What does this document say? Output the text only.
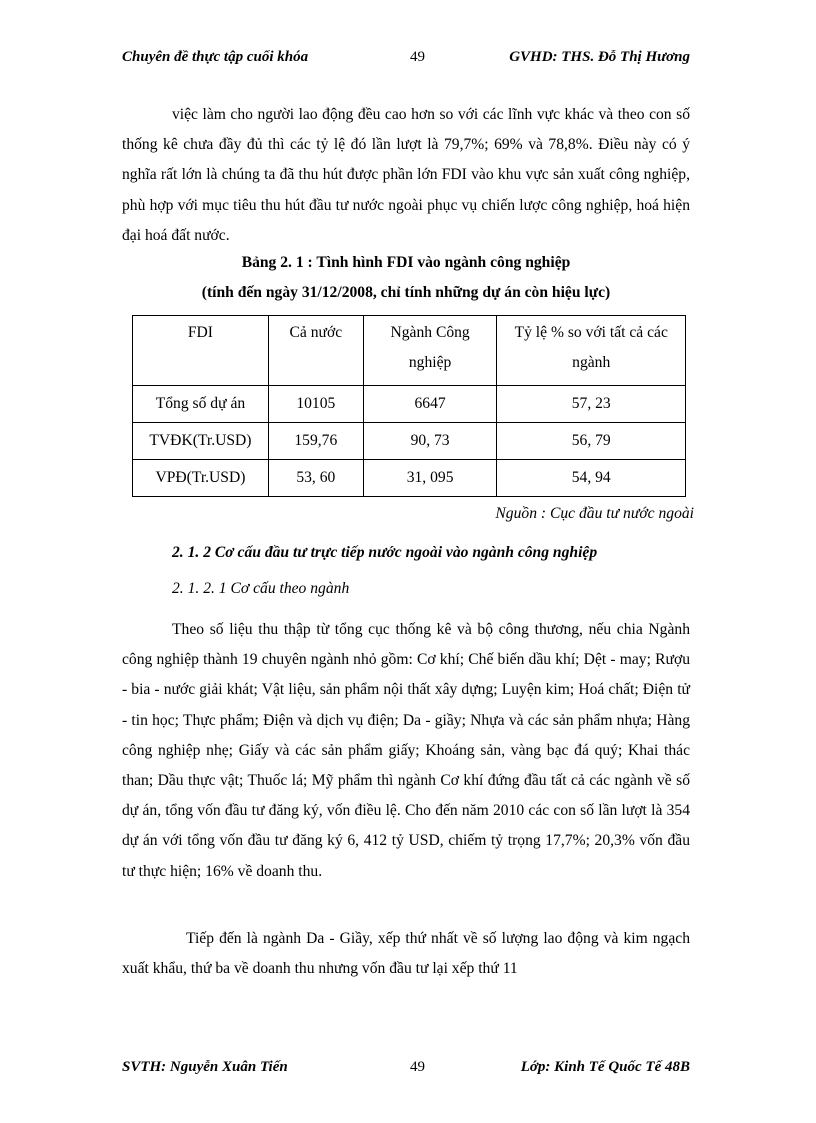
Chuyên đề thực tập cuối khóa	49	GVHD: THS. Đỗ Thị Hương
việc làm cho người lao động đều cao hơn so với các lĩnh vực khác và theo con số thống kê chưa đầy đủ thì các tỷ lệ đó lần lượt là 79,7%; 69% và 78,8%. Điều này có ý nghĩa rất lớn là chúng ta đã thu hút được phần lớn FDI vào khu vực sản xuất công nghiệp, phù hợp với mục tiêu thu hút đầu tư nước ngoài phục vụ chiến lược công nghiệp, hoá hiện đại hoá đất nước.
Bảng 2. 1 : Tình hình FDI vào ngành công nghiệp
(tính đến ngày 31/12/2008, chỉ tính những dự án còn hiệu lực)
FDI	Cả nước	Ngành Công nghiệp	Tỷ lệ % so với tất cả các ngành
Tổng số dự án	10105	6647	57, 23
TVĐK(Tr.USD)	159,76	90, 73	56, 79
VPĐ(Tr.USD)	53, 60	31, 095	54, 94
Nguồn : Cục đầu tư nước ngoài
2. 1. 2 Cơ cấu đầu tư trực tiếp nước ngoài vào ngành công nghiệp
2. 1. 2. 1 Cơ cấu theo ngành
Theo số liệu thu thập từ tổng cục thống kê và bộ công thương, nếu chia Ngành công nghiệp thành 19 chuyên ngành nhỏ gồm: Cơ khí; Chế biến dầu khí; Dệt - may; Rượu - bia - nước giải khát; Vật liệu, sản phẩm nội thất xây dựng; Luyện kim; Hoá chất; Điện tử - tin học; Thực phẩm; Điện và dịch vụ điện; Da - giầy; Nhựa và các sản phẩm nhựa; Hàng công nghiệp nhẹ; Giấy và các sản phẩm giấy; Khoáng sản, vàng bạc đá quý; Khai thác than; Dầu thực vật; Thuốc lá; Mỹ phẩm thì ngành Cơ khí đứng đầu tất cả các ngành về số dự án, tổng vốn đầu tư đăng ký, vốn điều lệ. Cho đến năm 2010 các con số lần lượt là 354 dự án với tổng vốn đầu tư đăng ký 6, 412 tỷ USD, chiếm tỷ trọng 17,7%; 20,3% vốn đầu tư thực hiện; 16% về doanh thu.
Tiếp đến là ngành Da - Giầy, xếp thứ nhất về số lượng lao động và kim ngạch xuất khẩu, thứ ba về doanh thu nhưng vốn đầu tư lại xếp thứ 11
SVTH: Nguyễn Xuân Tiến	49	Lớp: Kinh Tế Quốc Tế 48B
